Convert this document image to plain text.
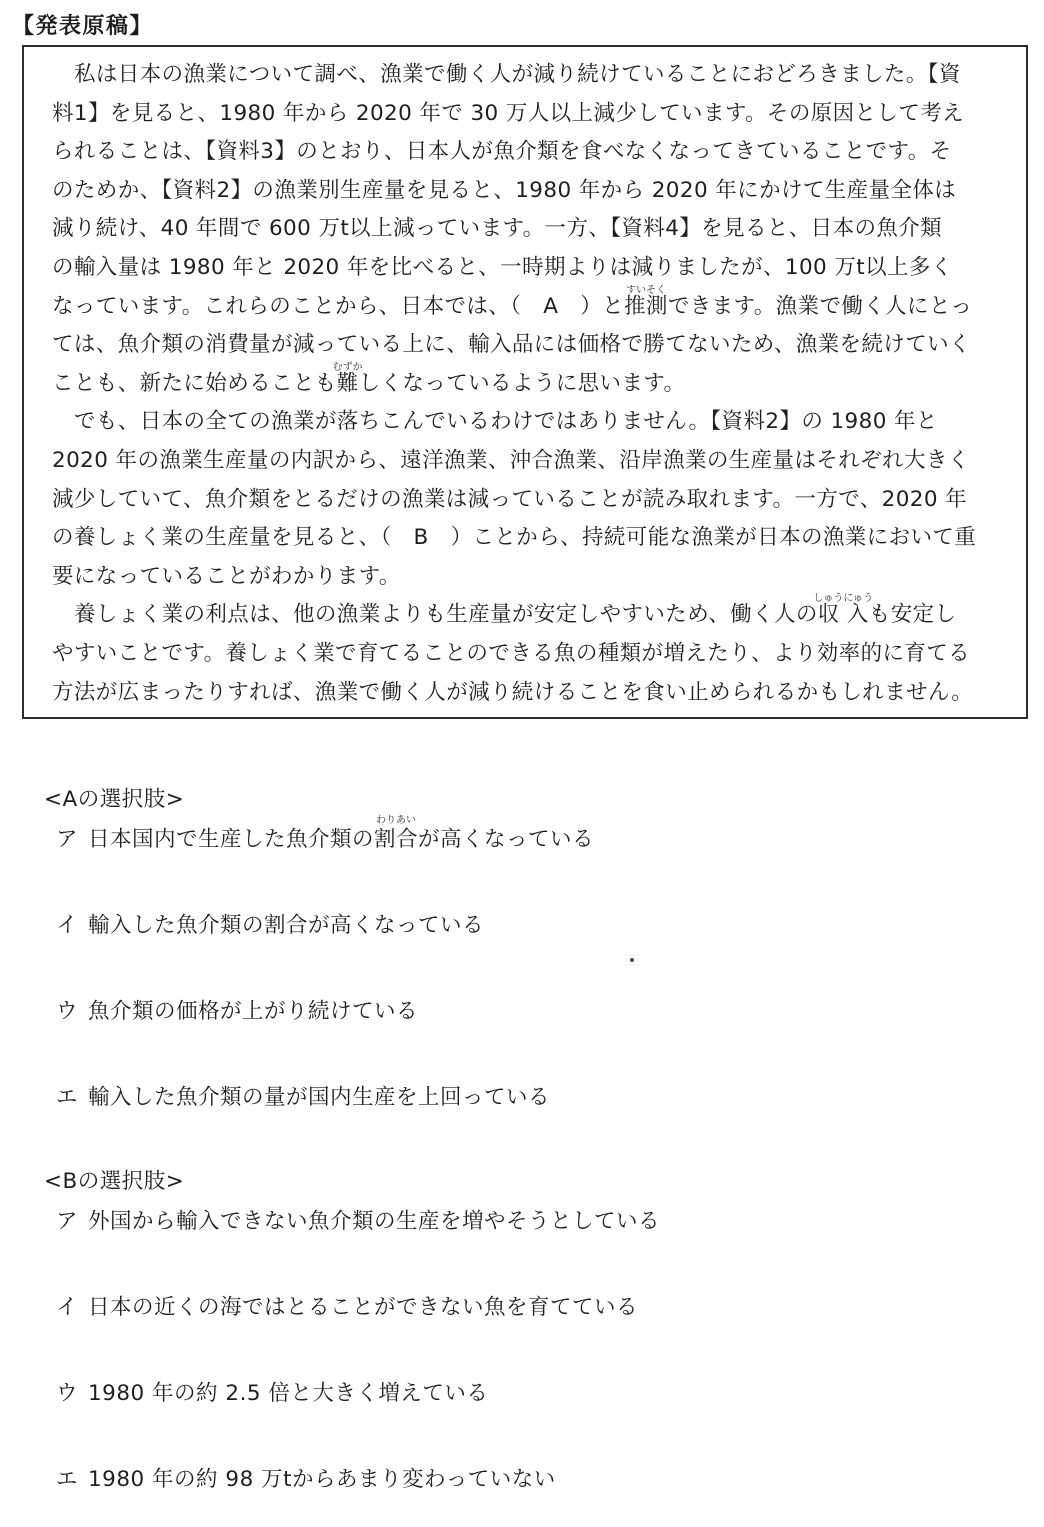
【発表原稿】
私は日本の漁業について調べ、漁業で働く人が減り続けていることにおどろきました。【資
料1】を見ると、1980 年から 2020 年で 30 万人以上減少しています。その原因として考え
られることは、【資料3】のとおり、日本人が魚介類を食べなくなってきていることです。そ
のためか、【資料2】の漁業別生産量を見ると、1980 年から 2020 年にかけて生産量全体は
減り続け、40 年間で 600 万t以上減っています。一方、【資料4】を見ると、日本の魚介類
の輸入量は 1980 年と 2020 年を比べると、一時期よりは減りましたが、100 万t以上多く
なっています。これらのことから、日本では、（　A　）と推測
すいそく
できます。漁業で働く人にとっ
ては、魚介類の消費量が減っている上に、輸入品には価格で勝てないため、漁業を続けていく
ことも、新たに始めることも難
むずか
しくなっているように思います。
でも、日本の全ての漁業が落ちこんでいるわけではありません。【資料2】の 1980 年と
2020 年の漁業生産量の内訳から、遠洋漁業、沖合漁業、沿岸漁業の生産量はそれぞれ大きく
減少していて、魚介類をとるだけの漁業は減っていることが読み取れます。一方で、2020 年
の養しょく業の生産量を見ると、（　B　）ことから、持続可能な漁業が日本の漁業において重
要になっていることがわかります。
養しょく業の利点は、他の漁業よりも生産量が安定しやすいため、働く人の収 入
しゅうにゅう
も安定し
やすいことです。養しょく業で育てることのできる魚の種類が増えたり、より効率的に育てる
方法が広まったりすれば、漁業で働く人が減り続けることを食い止められるかもしれません。
<Aの選択肢>
ア 日本国内で生産した魚介類の割合
わりあい
が高くなっている
イ 輸入した魚介類の割合が高くなっている
ウ 魚介類の価格が上がり続けている
エ 輸入した魚介類の量が国内生産を上回っている
<Bの選択肢>
ア 外国から輸入できない魚介類の生産を増やそうとしている
イ 日本の近くの海ではとることができない魚を育てている
ウ 1980 年の約 2.5 倍と大きく増えている
エ 1980 年の約 98 万tからあまり変わっていない
